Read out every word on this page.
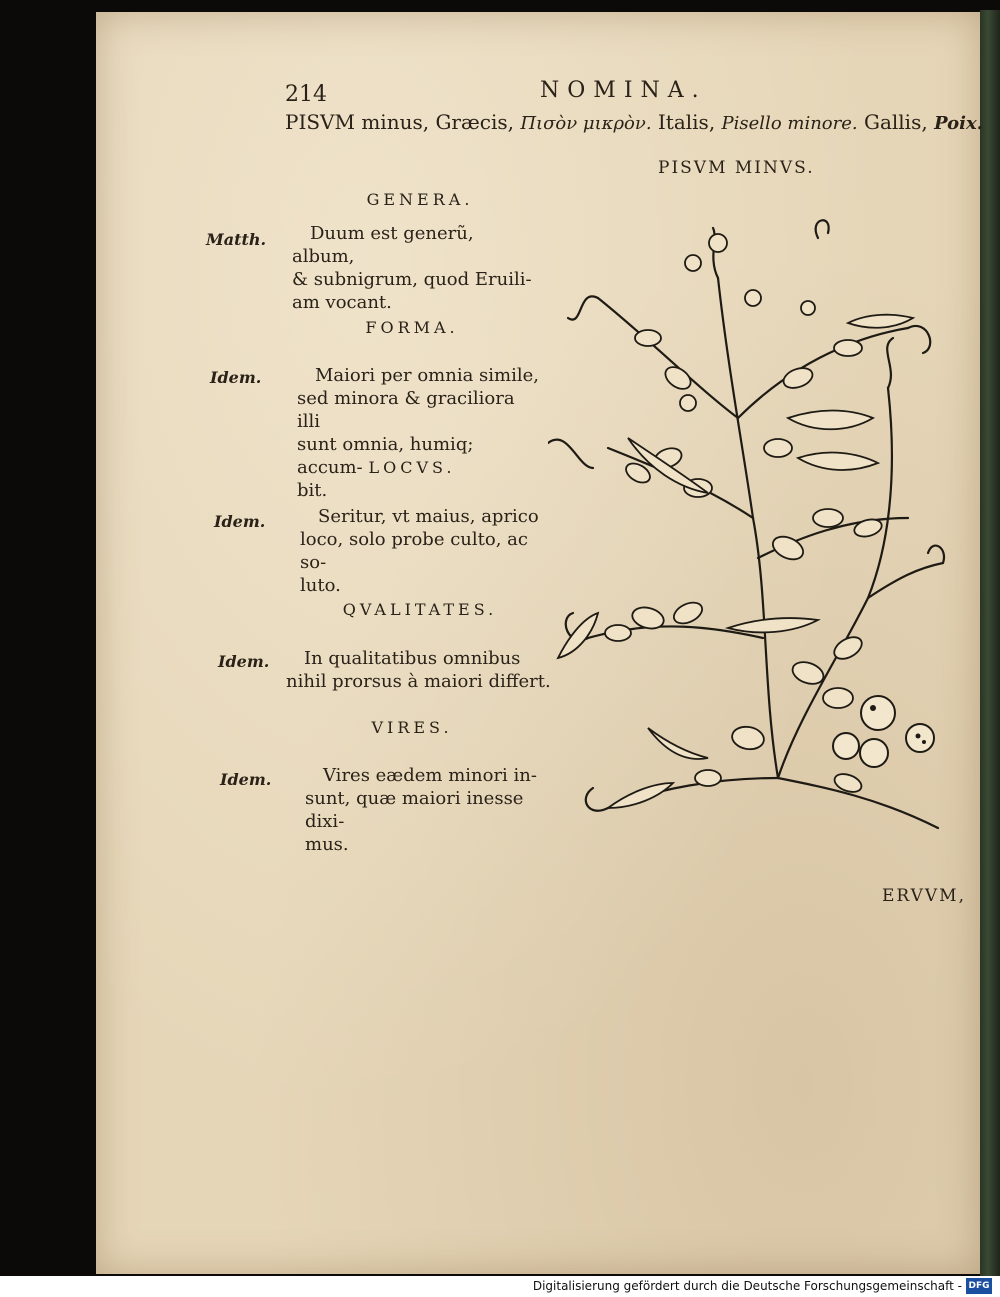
214	NOMINA.
PISVM minus, Græcis, Πισὸν μικρὸν. Italis, Pisello minore. Gallis, Poix.
PISVM MINVS.
GENERA.
Matth.	Duum est generũ, album,
& subnigrum, quod Eruili-
am vocant.
FORMA.
Idem.	Maiori per omnia simile,
sed minora & graciliora illi
sunt omnia, humiq; accum-
bit.
LOCVS.
Idem.	Seritur, vt maius, aprico
loco, solo probe culto, ac so-
luto.
QVALITATES.
Idem.	In qualitatibus omnibus
nihil prorsus à maiori differt.
VIRES.
Idem.	Vires eædem minori in-
sunt, quæ maiori inesse dixi-
mus.
ERVVM,
Digitalisierung gefördert durch die Deutsche Forschungsgemeinschaft - DFG
